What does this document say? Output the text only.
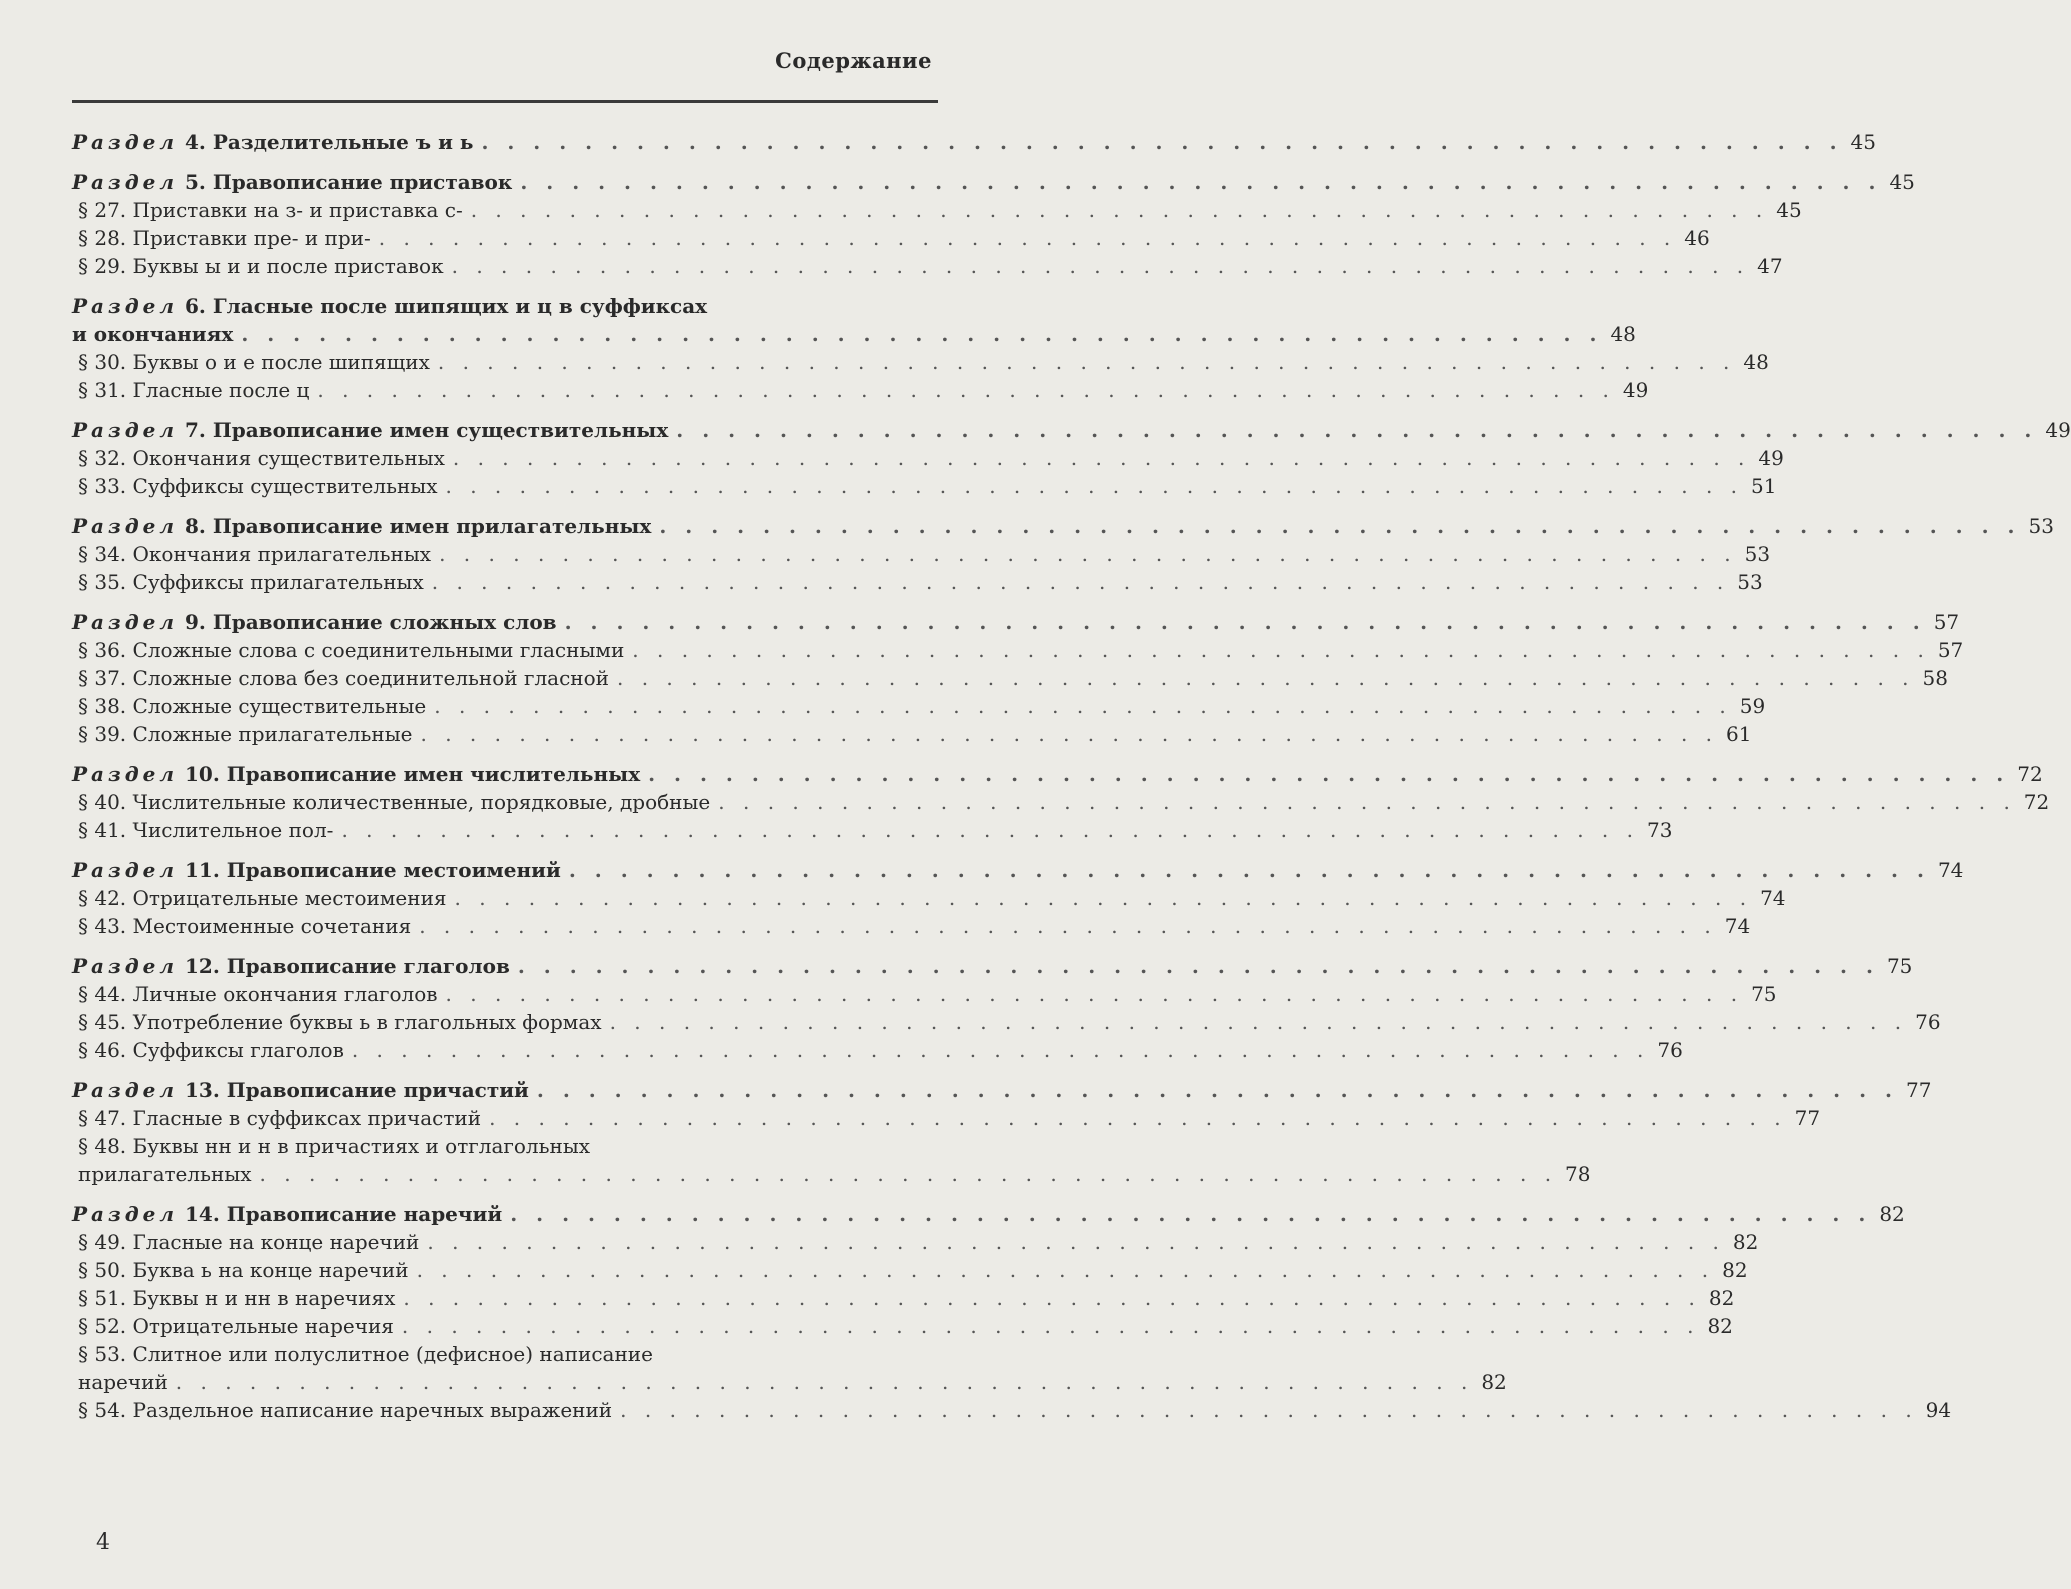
Содержание
Раздел 4. Разделительные ъ и ь . . . . . . . . . . . . . . . . . . . . . . . . . . . . . . . . . . . . . . . . . . . . . . . . . . . . . 45
Раздел 5. Правописание приставок . . . . . . . . . . . . . . . . . . . . . . . . . . . . . . . . . . . . . . . . . . . . . . . . . . . . . 45
§ 27. Приставки на з- и приставка с- . . . . . . . . . . . . . . . . . . . . . . . . . . . . . . . . . . . . . . . . . . . . . . . . . . . . . 45
§ 28. Приставки пре- и при- . . . . . . . . . . . . . . . . . . . . . . . . . . . . . . . . . . . . . . . . . . . . . . . . . . . . . 46
§ 29. Буквы ы и и после приставок . . . . . . . . . . . . . . . . . . . . . . . . . . . . . . . . . . . . . . . . . . . . . . . . . . . . . 47
Раздел 6. Гласные после шипящих и ц в суффиксах
и окончаниях . . . . . . . . . . . . . . . . . . . . . . . . . . . . . . . . . . . . . . . . . . . . . . . . . . . . . 48
§ 30. Буквы о и е после шипящих . . . . . . . . . . . . . . . . . . . . . . . . . . . . . . . . . . . . . . . . . . . . . . . . . . . . . 48
§ 31. Гласные после ц . . . . . . . . . . . . . . . . . . . . . . . . . . . . . . . . . . . . . . . . . . . . . . . . . . . . . 49
Раздел 7. Правописание имен существительных . . . . . . . . . . . . . . . . . . . . . . . . . . . . . . . . . . . . . . . . . . . . . . . . . . . . . 49
§ 32. Окончания существительных . . . . . . . . . . . . . . . . . . . . . . . . . . . . . . . . . . . . . . . . . . . . . . . . . . . . . 49
§ 33. Суффиксы существительных . . . . . . . . . . . . . . . . . . . . . . . . . . . . . . . . . . . . . . . . . . . . . . . . . . . . . 51
Раздел 8. Правописание имен прилагательных . . . . . . . . . . . . . . . . . . . . . . . . . . . . . . . . . . . . . . . . . . . . . . . . . . . . . 53
§ 34. Окончания прилагательных . . . . . . . . . . . . . . . . . . . . . . . . . . . . . . . . . . . . . . . . . . . . . . . . . . . . . 53
§ 35. Суффиксы прилагательных . . . . . . . . . . . . . . . . . . . . . . . . . . . . . . . . . . . . . . . . . . . . . . . . . . . . . 53
Раздел 9. Правописание сложных слов . . . . . . . . . . . . . . . . . . . . . . . . . . . . . . . . . . . . . . . . . . . . . . . . . . . . . 57
§ 36. Сложные слова с соединительными гласными . . . . . . . . . . . . . . . . . . . . . . . . . . . . . . . . . . . . . . . . . . . . . . . . . . . . . 57
§ 37. Сложные слова без соединительной гласной . . . . . . . . . . . . . . . . . . . . . . . . . . . . . . . . . . . . . . . . . . . . . . . . . . . . . 58
§ 38. Сложные существительные . . . . . . . . . . . . . . . . . . . . . . . . . . . . . . . . . . . . . . . . . . . . . . . . . . . . . 59
§ 39. Сложные прилагательные . . . . . . . . . . . . . . . . . . . . . . . . . . . . . . . . . . . . . . . . . . . . . . . . . . . . . 61
Раздел 10. Правописание имен числительных . . . . . . . . . . . . . . . . . . . . . . . . . . . . . . . . . . . . . . . . . . . . . . . . . . . . . 72
§ 40. Числительные количественные, порядковые, дробные . . . . . . . . . . . . . . . . . . . . . . . . . . . . . . . . . . . . . . . . . . . . . . . . . . . . . 72
§ 41. Числительное пол- . . . . . . . . . . . . . . . . . . . . . . . . . . . . . . . . . . . . . . . . . . . . . . . . . . . . . 73
Раздел 11. Правописание местоимений . . . . . . . . . . . . . . . . . . . . . . . . . . . . . . . . . . . . . . . . . . . . . . . . . . . . . 74
§ 42. Отрицательные местоимения . . . . . . . . . . . . . . . . . . . . . . . . . . . . . . . . . . . . . . . . . . . . . . . . . . . . . 74
§ 43. Местоименные сочетания . . . . . . . . . . . . . . . . . . . . . . . . . . . . . . . . . . . . . . . . . . . . . . . . . . . . . 74
Раздел 12. Правописание глаголов . . . . . . . . . . . . . . . . . . . . . . . . . . . . . . . . . . . . . . . . . . . . . . . . . . . . . 75
§ 44. Личные окончания глаголов . . . . . . . . . . . . . . . . . . . . . . . . . . . . . . . . . . . . . . . . . . . . . . . . . . . . . 75
§ 45. Употребление буквы ь в глагольных формах . . . . . . . . . . . . . . . . . . . . . . . . . . . . . . . . . . . . . . . . . . . . . . . . . . . . . 76
§ 46. Суффиксы глаголов . . . . . . . . . . . . . . . . . . . . . . . . . . . . . . . . . . . . . . . . . . . . . . . . . . . . . 76
Раздел 13. Правописание причастий . . . . . . . . . . . . . . . . . . . . . . . . . . . . . . . . . . . . . . . . . . . . . . . . . . . . . 77
§ 47. Гласные в суффиксах причастий . . . . . . . . . . . . . . . . . . . . . . . . . . . . . . . . . . . . . . . . . . . . . . . . . . . . . 77
§ 48. Буквы нн и н в причастиях и отглагольных
прилагательных . . . . . . . . . . . . . . . . . . . . . . . . . . . . . . . . . . . . . . . . . . . . . . . . . . . . . 78
Раздел 14. Правописание наречий . . . . . . . . . . . . . . . . . . . . . . . . . . . . . . . . . . . . . . . . . . . . . . . . . . . . . 82
§ 49. Гласные на конце наречий . . . . . . . . . . . . . . . . . . . . . . . . . . . . . . . . . . . . . . . . . . . . . . . . . . . . . 82
§ 50. Буква ь на конце наречий . . . . . . . . . . . . . . . . . . . . . . . . . . . . . . . . . . . . . . . . . . . . . . . . . . . . . 82
§ 51. Буквы н и нн в наречиях . . . . . . . . . . . . . . . . . . . . . . . . . . . . . . . . . . . . . . . . . . . . . . . . . . . . . 82
§ 52. Отрицательные наречия . . . . . . . . . . . . . . . . . . . . . . . . . . . . . . . . . . . . . . . . . . . . . . . . . . . . . 82
§ 53. Слитное или полуслитное (дефисное) написание
наречий . . . . . . . . . . . . . . . . . . . . . . . . . . . . . . . . . . . . . . . . . . . . . . . . . . . . . 82
§ 54. Раздельное написание наречных выражений . . . . . . . . . . . . . . . . . . . . . . . . . . . . . . . . . . . . . . . . . . . . . . . . . . . . . 94
4
